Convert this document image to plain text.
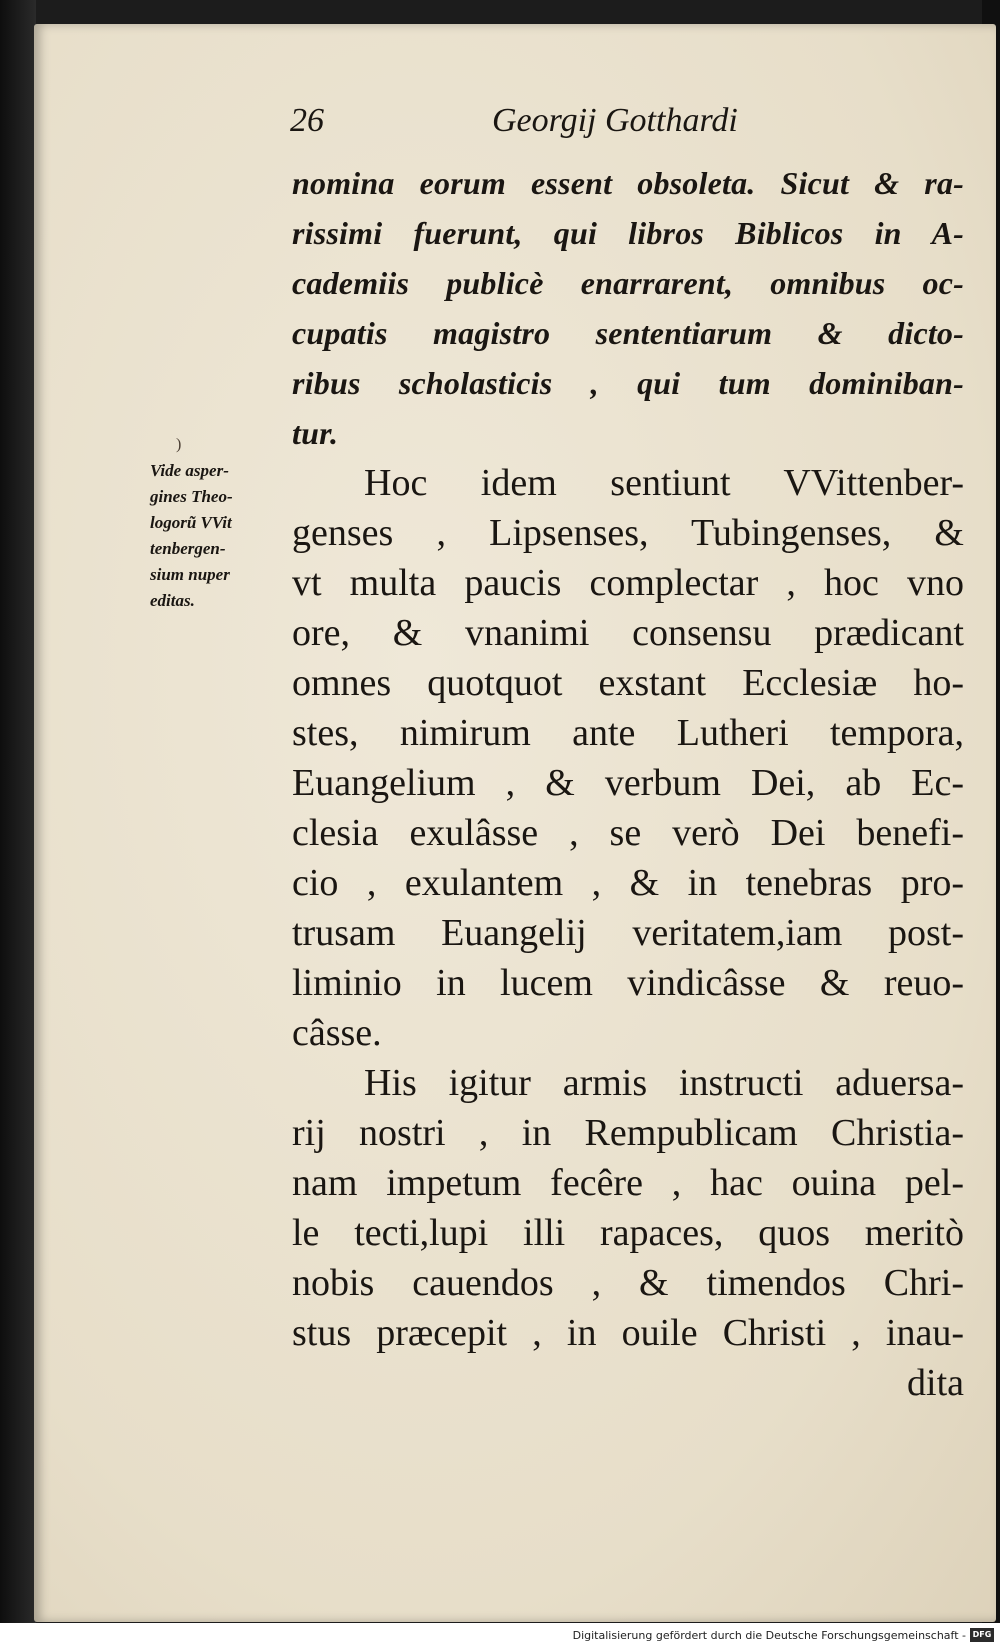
26	Georgij Gotthardi
)
Vide asper-
gines Theo-
logorũ VVit
tenbergen-
sium nuper
editas.
nomina eorum essent obsoleta. Sicut & ra-
rissimi fuerunt, qui libros Biblicos in A-
cademiis publicè enarrarent, omnibus oc-
cupatis magistro sententiarum & dicto-
ribus scholasticis , qui tum dominiban-
tur.
Hoc idem sentiunt VVittenber-
genses , Lipsenses, Tubingenses, &
vt multa paucis complectar , hoc vno
ore, & vnanimi consensu prædicant
omnes quotquot exstant Ecclesiæ ho-
stes, nimirum ante Lutheri tempora,
Euangelium , & verbum Dei, ab Ec-
clesia exulâsse , se verò Dei benefi-
cio , exulantem , & in tenebras pro-
trusam Euangelij veritatem,iam post-
liminio in lucem vindicâsse & reuo-
câsse.
His igitur armis instructi aduersa-
rij nostri , in Rempublicam Christia-
nam impetum fecêre , hac ouina pel-
le tecti,lupi illi rapaces, quos meritò
nobis cauendos , & timendos Chri-
stus præcepit , in ouile Christi , inau-
dita
Digitalisierung gefördert durch die Deutsche Forschungsgemeinschaft - DFG
